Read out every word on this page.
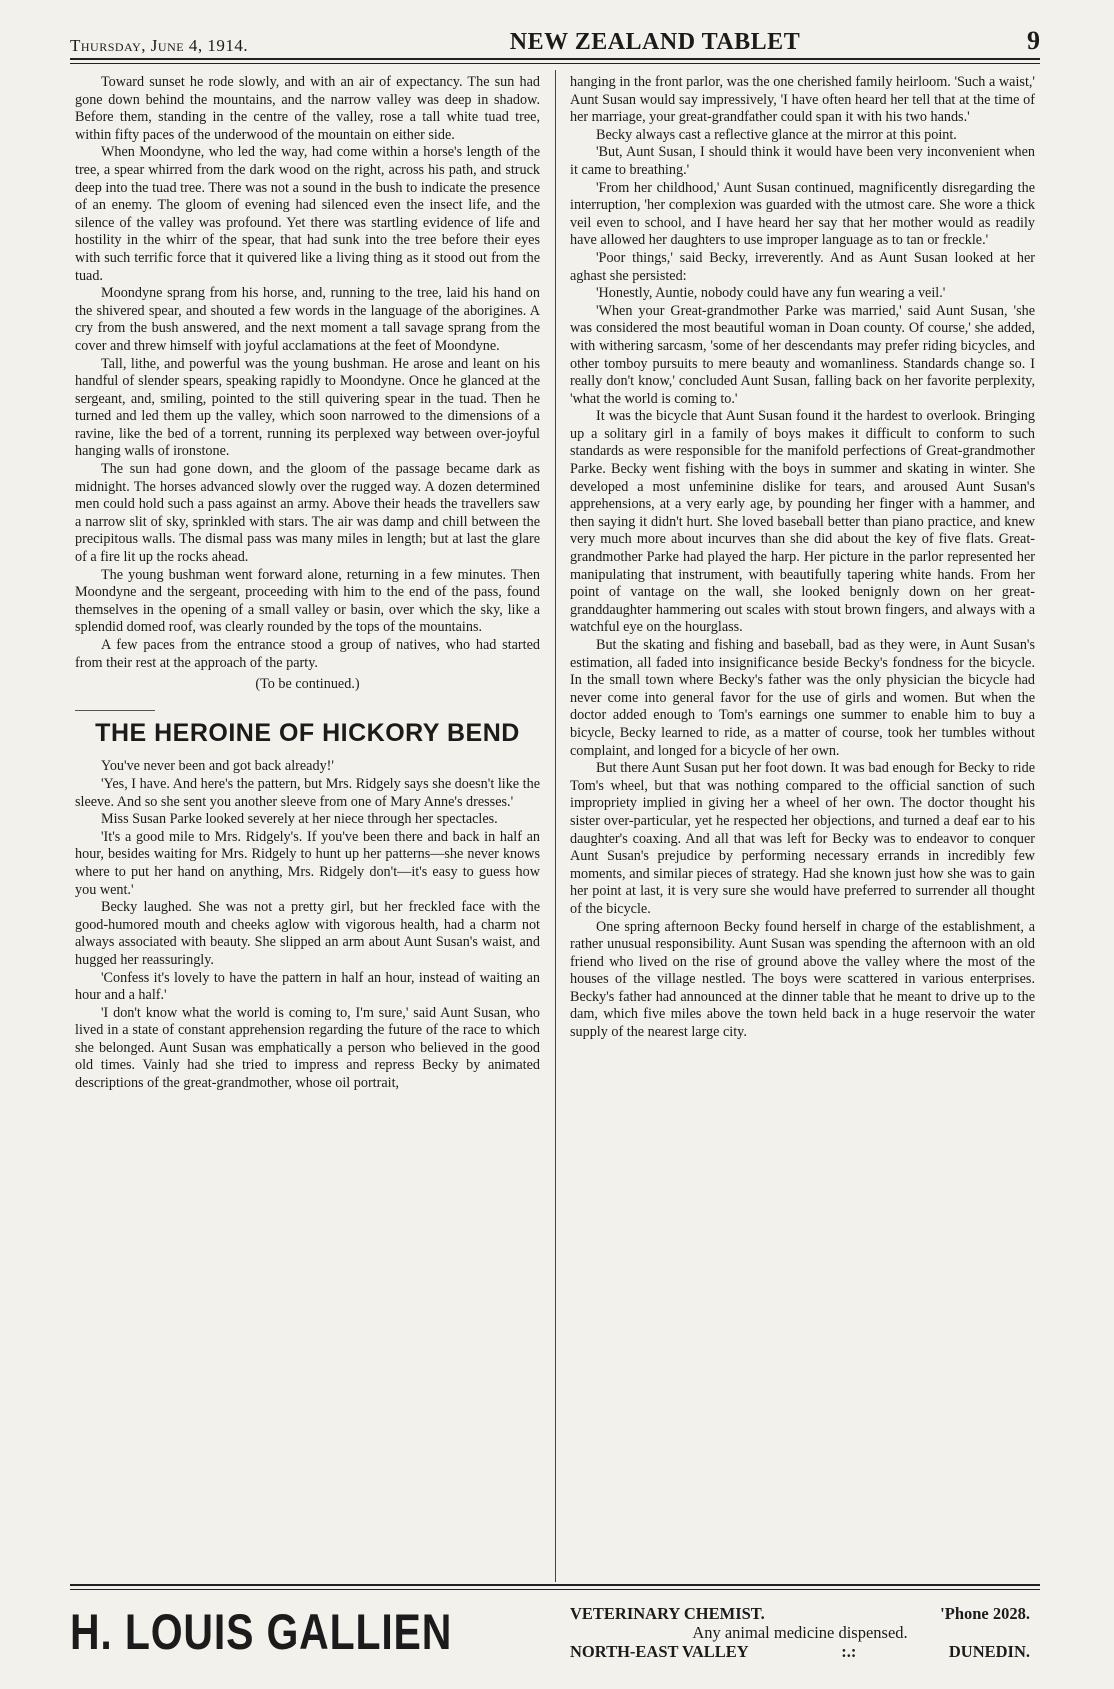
Thursday, June 4, 1914.	NEW ZEALAND TABLET	9

Toward sunset he rode slowly, and with an air of expectancy. The sun had gone down behind the mountains, and the narrow valley was deep in shadow. Before them, standing in the centre of the valley, rose a tall white tuad tree, within fifty paces of the underwood of the mountain on either side.

When Moondyne, who led the way, had come within a horse's length of the tree, a spear whirred from the dark wood on the right, across his path, and struck deep into the tuad tree. There was not a sound in the bush to indicate the presence of an enemy. The gloom of evening had silenced even the insect life, and the silence of the valley was profound. Yet there was startling evidence of life and hostility in the whirr of the spear, that had sunk into the tree before their eyes with such terrific force that it quivered like a living thing as it stood out from the tuad.

Moondyne sprang from his horse, and, running to the tree, laid his hand on the shivered spear, and shouted a few words in the language of the aborigines. A cry from the bush answered, and the next moment a tall savage sprang from the cover and threw himself with joyful acclamations at the feet of Moondyne.

Tall, lithe, and powerful was the young bushman. He arose and leant on his handful of slender spears, speaking rapidly to Moondyne. Once he glanced at the sergeant, and, smiling, pointed to the still quivering spear in the tuad. Then he turned and led them up the valley, which soon narrowed to the dimensions of a ravine, like the bed of a torrent, running its perplexed way between over-joyful hanging walls of ironstone.

The sun had gone down, and the gloom of the passage became dark as midnight. The horses advanced slowly over the rugged way. A dozen determined men could hold such a pass against an army. Above their heads the travellers saw a narrow slit of sky, sprinkled with stars. The air was damp and chill between the precipitous walls. The dismal pass was many miles in length; but at last the glare of a fire lit up the rocks ahead.

The young bushman went forward alone, returning in a few minutes. Then Moondyne and the sergeant, proceeding with him to the end of the pass, found themselves in the opening of a small valley or basin, over which the sky, like a splendid domed roof, was clearly rounded by the tops of the mountains.

A few paces from the entrance stood a group of natives, who had started from their rest at the approach of the party.

(To be continued.)

THE HEROINE OF HICKORY BEND

You've never been and got back already!'

'Yes, I have. And here's the pattern, but Mrs. Ridgely says she doesn't like the sleeve. And so she sent you another sleeve from one of Mary Anne's dresses.'

Miss Susan Parke looked severely at her niece through her spectacles.

'It's a good mile to Mrs. Ridgely's. If you've been there and back in half an hour, besides waiting for Mrs. Ridgely to hunt up her patterns—she never knows where to put her hand on anything, Mrs. Ridgely don't—it's easy to guess how you went.'

Becky laughed. She was not a pretty girl, but her freckled face with the good-humored mouth and cheeks aglow with vigorous health, had a charm not always associated with beauty. She slipped an arm about Aunt Susan's waist, and hugged her reassuringly.

'Confess it's lovely to have the pattern in half an hour, instead of waiting an hour and a half.'

'I don't know what the world is coming to, I'm sure,' said Aunt Susan, who lived in a state of constant apprehension regarding the future of the race to which she belonged. Aunt Susan was emphatically a person who believed in the good old times. Vainly had she tried to impress and repress Becky by animated descriptions of the great-grandmother, whose oil portrait,

hanging in the front parlor, was the one cherished family heirloom. 'Such a waist,' Aunt Susan would say impressively, 'I have often heard her tell that at the time of her marriage, your great-grandfather could span it with his two hands.'

Becky always cast a reflective glance at the mirror at this point.

'But, Aunt Susan, I should think it would have been very inconvenient when it came to breathing.'

'From her childhood,' Aunt Susan continued, magnificently disregarding the interruption, 'her complexion was guarded with the utmost care. She wore a thick veil even to school, and I have heard her say that her mother would as readily have allowed her daughters to use improper language as to tan or freckle.'

'Poor things,' said Becky, irreverently. And as Aunt Susan looked at her aghast she persisted:

'Honestly, Auntie, nobody could have any fun wearing a veil.'

'When your Great-grandmother Parke was married,' said Aunt Susan, 'she was considered the most beautiful woman in Doan county. Of course,' she added, with withering sarcasm, 'some of her descendants may prefer riding bicycles, and other tomboy pursuits to mere beauty and womanliness. Standards change so. I really don't know,' concluded Aunt Susan, falling back on her favorite perplexity, 'what the world is coming to.'

It was the bicycle that Aunt Susan found it the hardest to overlook. Bringing up a solitary girl in a family of boys makes it difficult to conform to such standards as were responsible for the manifold perfections of Great-grandmother Parke. Becky went fishing with the boys in summer and skating in winter. She developed a most unfeminine dislike for tears, and aroused Aunt Susan's apprehensions, at a very early age, by pounding her finger with a hammer, and then saying it didn't hurt. She loved baseball better than piano practice, and knew very much more about incurves than she did about the key of five flats. Great-grandmother Parke had played the harp. Her picture in the parlor represented her manipulating that instrument, with beautifully tapering white hands. From her point of vantage on the wall, she looked benignly down on her great-granddaughter hammering out scales with stout brown fingers, and always with a watchful eye on the hourglass.

But the skating and fishing and baseball, bad as they were, in Aunt Susan's estimation, all faded into insignificance beside Becky's fondness for the bicycle. In the small town where Becky's father was the only physician the bicycle had never come into general favor for the use of girls and women. But when the doctor added enough to Tom's earnings one summer to enable him to buy a bicycle, Becky learned to ride, as a matter of course, took her tumbles without complaint, and longed for a bicycle of her own.

But there Aunt Susan put her foot down. It was bad enough for Becky to ride Tom's wheel, but that was nothing compared to the official sanction of such impropriety implied in giving her a wheel of her own. The doctor thought his sister over-particular, yet he respected her objections, and turned a deaf ear to his daughter's coaxing. And all that was left for Becky was to endeavor to conquer Aunt Susan's prejudice by performing necessary errands in incredibly few moments, and similar pieces of strategy. Had she known just how she was to gain her point at last, it is very sure she would have preferred to surrender all thought of the bicycle.

One spring afternoon Becky found herself in charge of the establishment, a rather unusual responsibility. Aunt Susan was spending the afternoon with an old friend who lived on the rise of ground above the valley where the most of the houses of the village nestled. The boys were scattered in various enterprises. Becky's father had announced at the dinner table that he meant to drive up to the dam, which five miles above the town held back in a huge reservoir the water supply of the nearest large city.

H. LOUIS GALLIEN	VETERINARY CHEMIST.	'Phone 2028.
Any animal medicine dispensed.
NORTH-EAST VALLEY	:.:	DUNEDIN.
